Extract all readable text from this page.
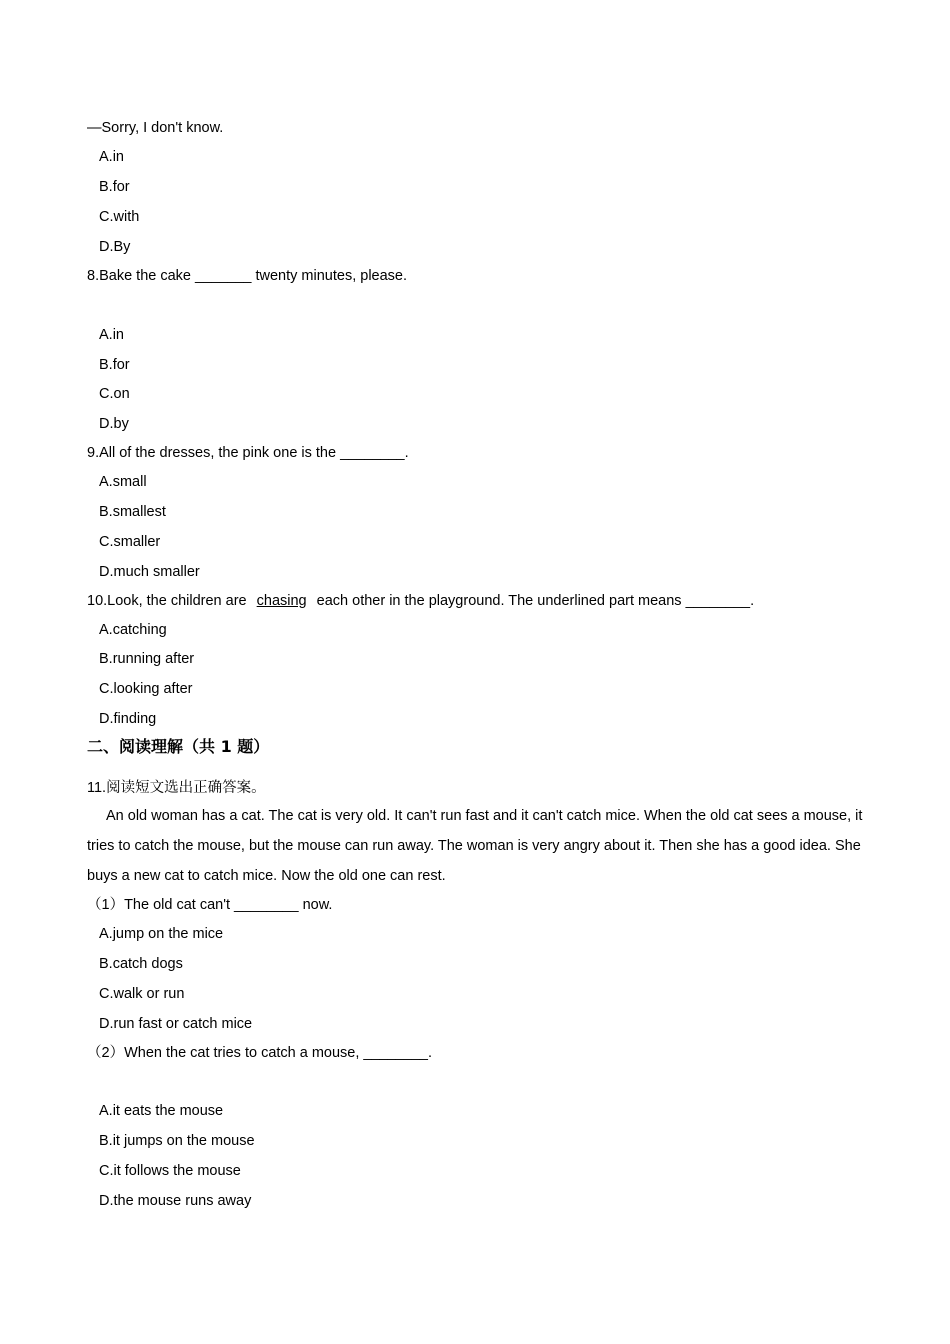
—Sorry, I don't know.
A.in
B.for
C.with
D.By
8.Bake the cake _______ twenty minutes, please.
A.in
B.for
C.on
D.by
9.All of the dresses, the pink one is the ________.
A.small
B.smallest
C.smaller
D.much smaller
10.Look, the children are chasing each other in the playground. The underlined part means ________.
A.catching
B.running after
C.looking after
D.finding
二、阅读理解（共 1 题）
11.阅读短文选出正确答案。
An old woman has a cat. The cat is very old. It can't run fast and it can't catch mice. When the old cat sees a mouse, it tries to catch the mouse, but the mouse can run away. The woman is very angry about it. Then she has a good idea. She buys a new cat to catch mice. Now the old one can rest.
（1）The old cat can't ________ now.
A.jump on the mice
B.catch dogs
C.walk or run
D.run fast or catch mice
（2）When the cat tries to catch a mouse, ________.
A.it eats the mouse
B.it jumps on the mouse
C.it follows the mouse
D.the mouse runs away
